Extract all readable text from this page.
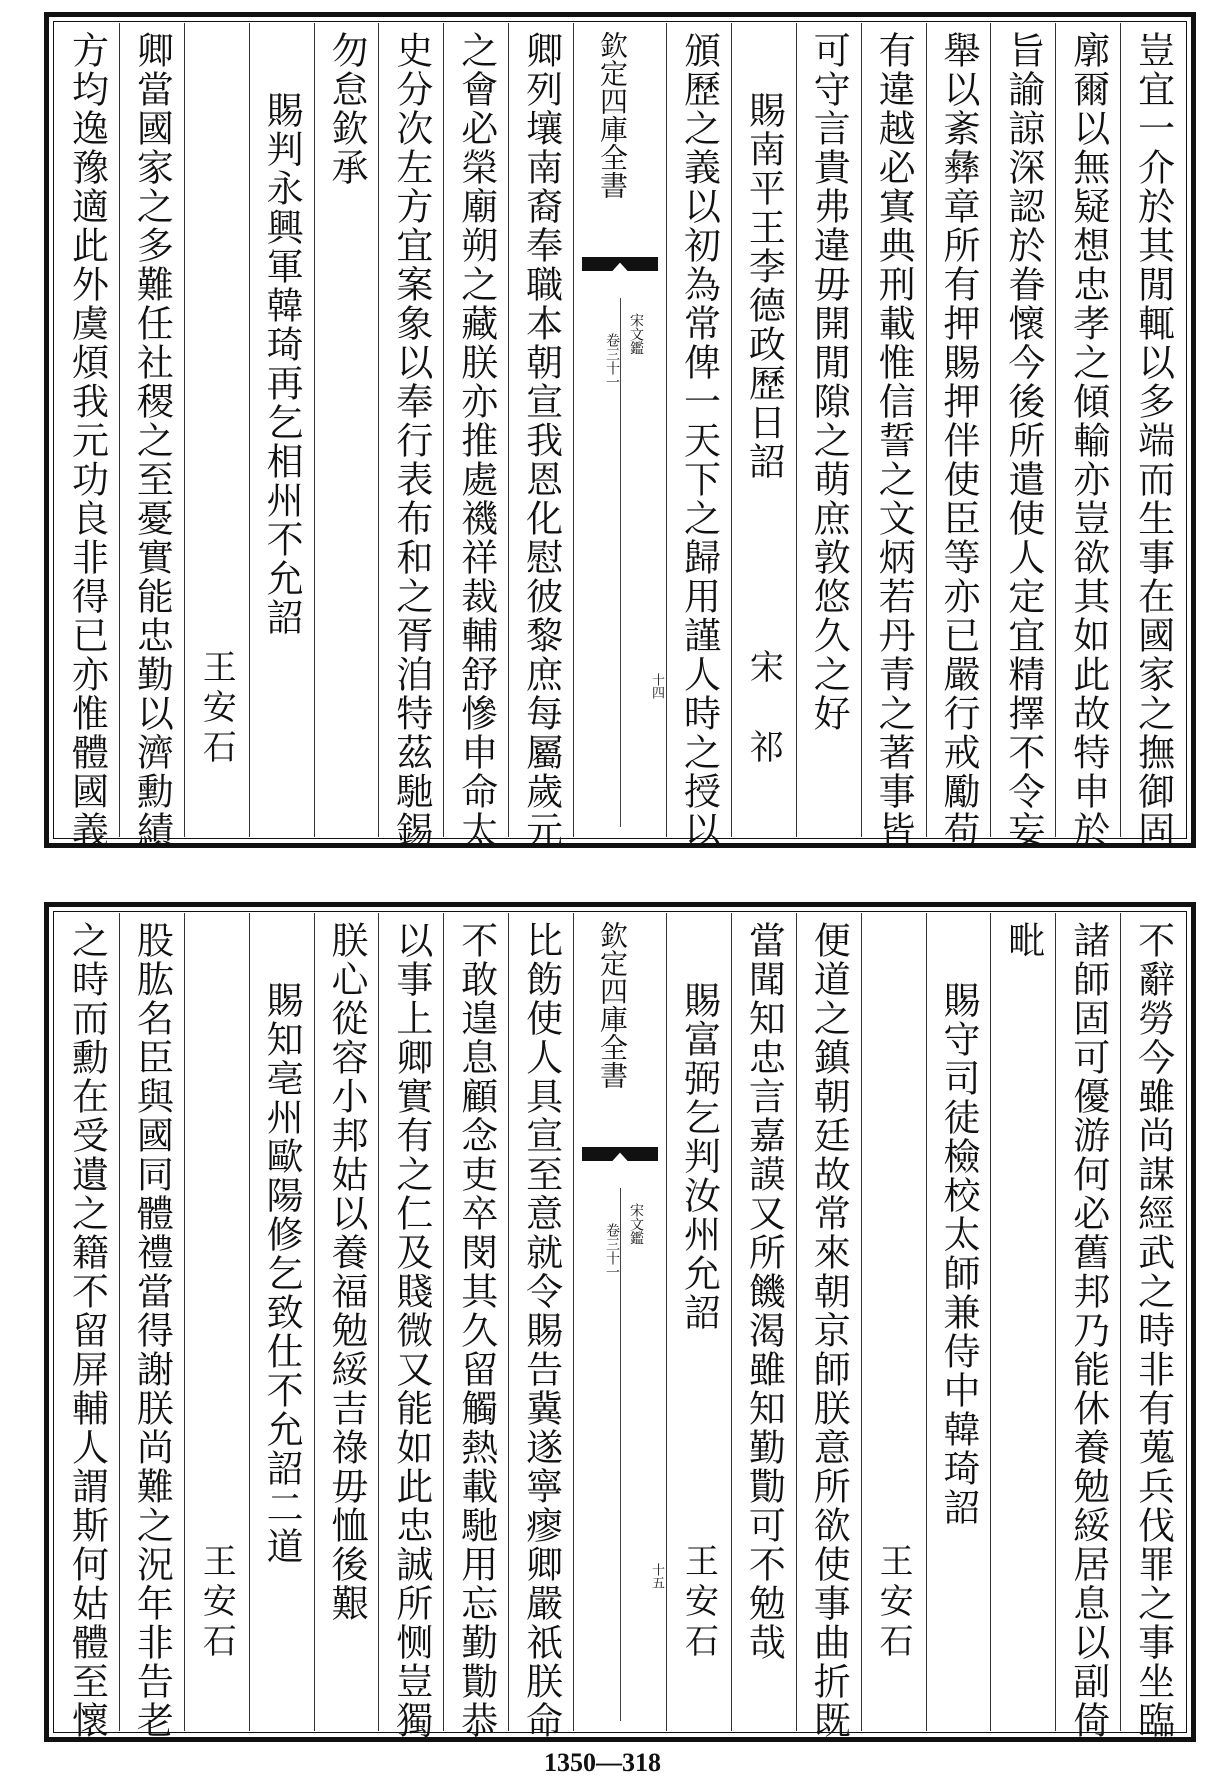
豈宜一介於其閒輒以多端而生事在國家之撫御固
廓爾以無疑想忠孝之傾輸亦豈欲其如此故特申於
旨諭諒深認於眷懷今後所遣使人定宜精擇不令妄
舉以紊彝章所有押賜押伴使臣等亦已嚴行戒勵苟
有違越必寘典刑載惟信誓之文炳若丹青之著事皆
可守言貴弗違毋開閒隙之萌庶敦悠久之好
賜南平王李德政歷日詔
宋　祁
頒歷之義以初為常俾一天下之歸用謹人時之授以
欽定四庫全書
宋文鑑
卷三十一
十四
卿列壤南裔奉職本朝宣我恩化慰彼黎庶每屬歲元
之會必榮廟朔之藏朕亦推處禨祥裁輔舒慘申命太
史分次左方宜案象以奉行表布和之胥洎特茲馳錫
勿怠欽承
賜判永興軍韓琦再乞相州不允詔
王安石
卿當國家之多難任社稷之至憂實能忠勤以濟勳績
方均逸豫適此外虞煩我元功良非得已亦惟體國義
不辭勞今雖尚謀經武之時非有蒐兵伐罪之事坐臨
諸師固可優游何必舊邦乃能休養勉綏居息以副倚
毗
賜守司徒檢校太師兼侍中韓琦詔
王安石
便道之鎮朝廷故常來朝京師朕意所欲使事曲折既
當聞知忠言嘉謨又所饑渴雖知勤勩可不勉哉
賜富弼乞判汝州允詔
王安石
欽定四庫全書
宋文鑑
卷三十一
十五
比飭使人具宣至意就令賜告冀遂寧瘳卿嚴祇朕命
不敢遑息顧念吏卒閔其久留觸熱載馳用忘勤勩恭
以事上卿實有之仁及賤微又能如此忠誠所恻豈獨
朕心從容小邦姑以養福勉綏吉祿毋恤後艱
賜知亳州歐陽修乞致仕不允詔二道
王安石
股肱名臣與國同體禮當得謝朕尚難之況年非告老
之時而勳在受遺之籍不留屏輔人謂斯何姑體至懷
1350—318
